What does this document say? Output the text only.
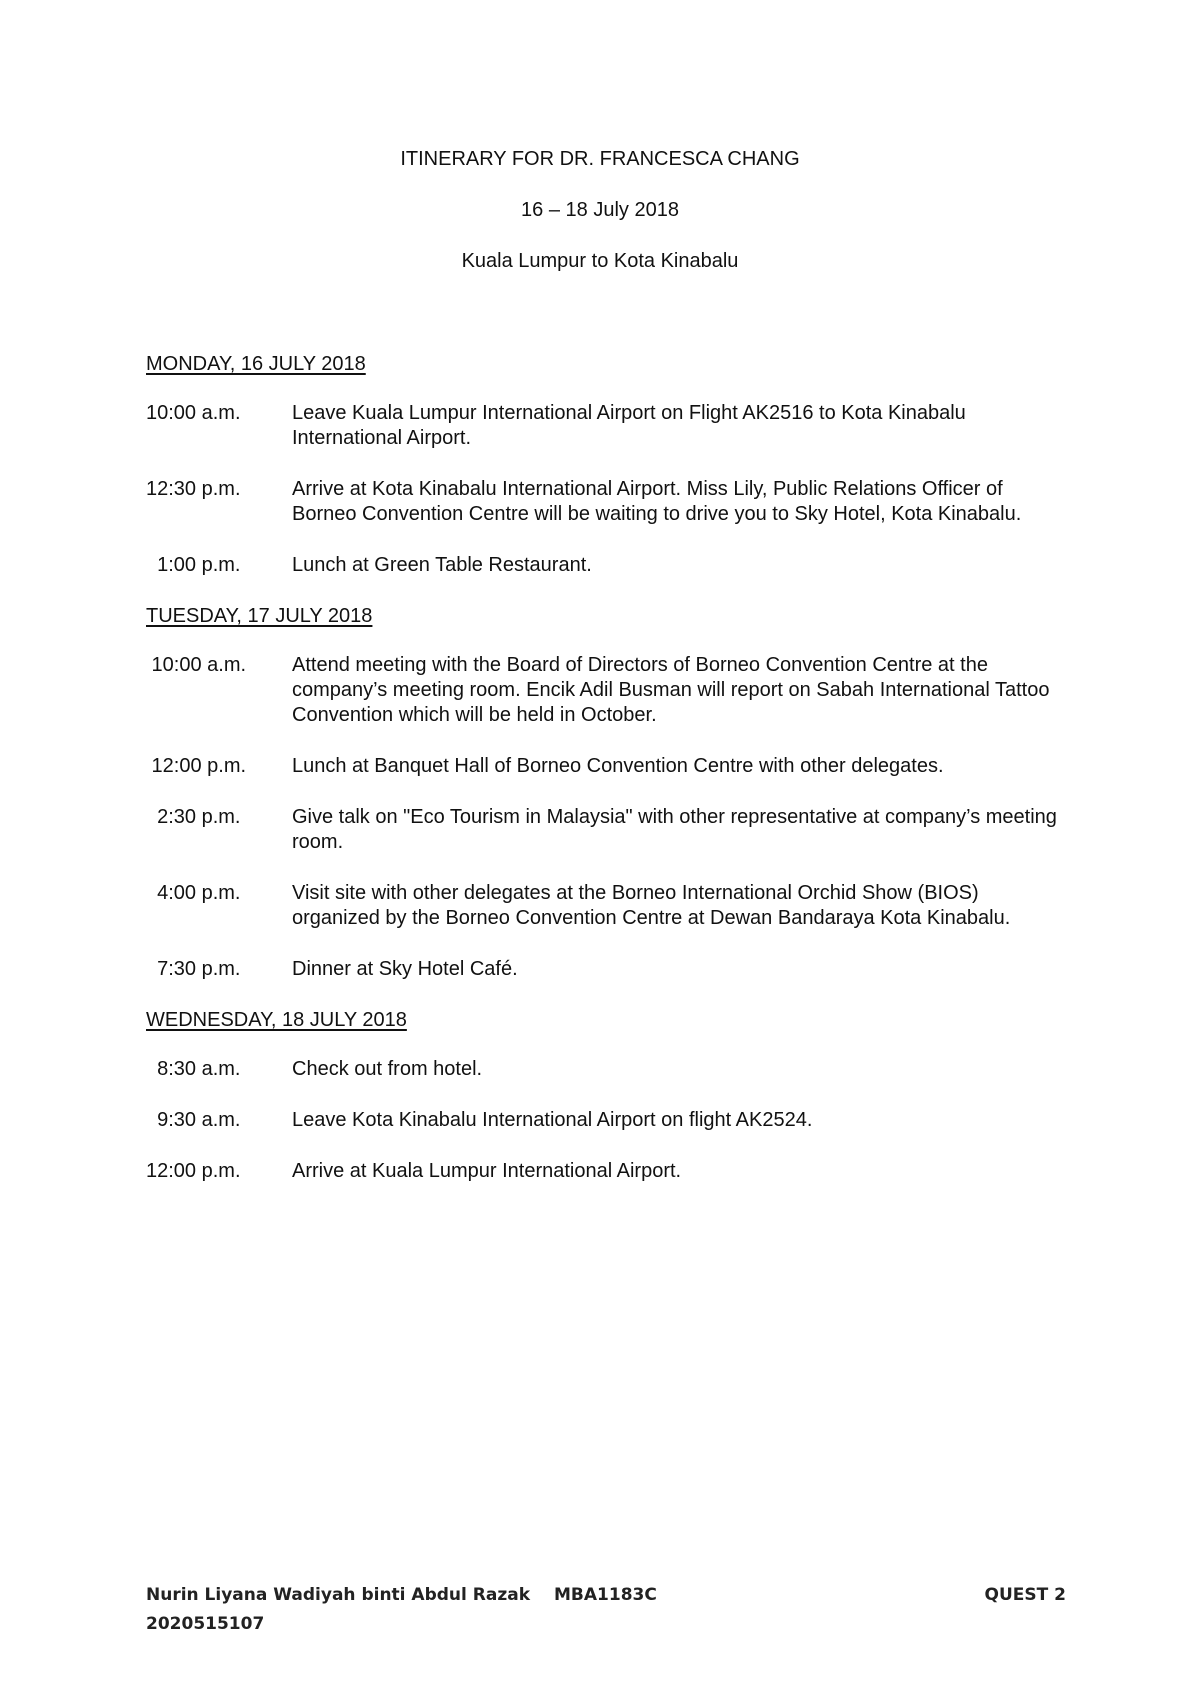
ITINERARY FOR DR. FRANCESCA CHANG
16 – 18 July 2018
Kuala Lumpur to Kota Kinabalu
MONDAY, 16 JULY 2018
10:00 a.m.	Leave Kuala Lumpur International Airport on Flight AK2516 to Kota Kinabalu International Airport.
12:30 p.m.	Arrive at Kota Kinabalu International Airport. Miss Lily, Public Relations Officer of Borneo Convention Centre will be waiting to drive you to Sky Hotel, Kota Kinabalu.
1:00 p.m.	Lunch at Green Table Restaurant.
TUESDAY, 17 JULY 2018
10:00 a.m.	Attend meeting with the Board of Directors of Borneo Convention Centre at the company’s meeting room. Encik Adil Busman will report on Sabah International Tattoo Convention which will be held in October.
12:00 p.m.	Lunch at Banquet Hall of Borneo Convention Centre with other delegates.
2:30 p.m.	Give talk on "Eco Tourism in Malaysia" with other representative at company’s meeting room.
4:00 p.m.	Visit site with other delegates at the Borneo International Orchid Show (BIOS) organized by the Borneo Convention Centre at Dewan Bandaraya Kota Kinabalu.
7:30 p.m.	Dinner at Sky Hotel Café.
WEDNESDAY, 18 JULY 2018
8:30 a.m.	Check out from hotel.
9:30 a.m.	Leave Kota Kinabalu International Airport on flight AK2524.
12:00 p.m.	Arrive at Kuala Lumpur International Airport.
Nurin Liyana Wadiyah binti Abdul Razak MBA1183C	QUEST 2
2020515107
